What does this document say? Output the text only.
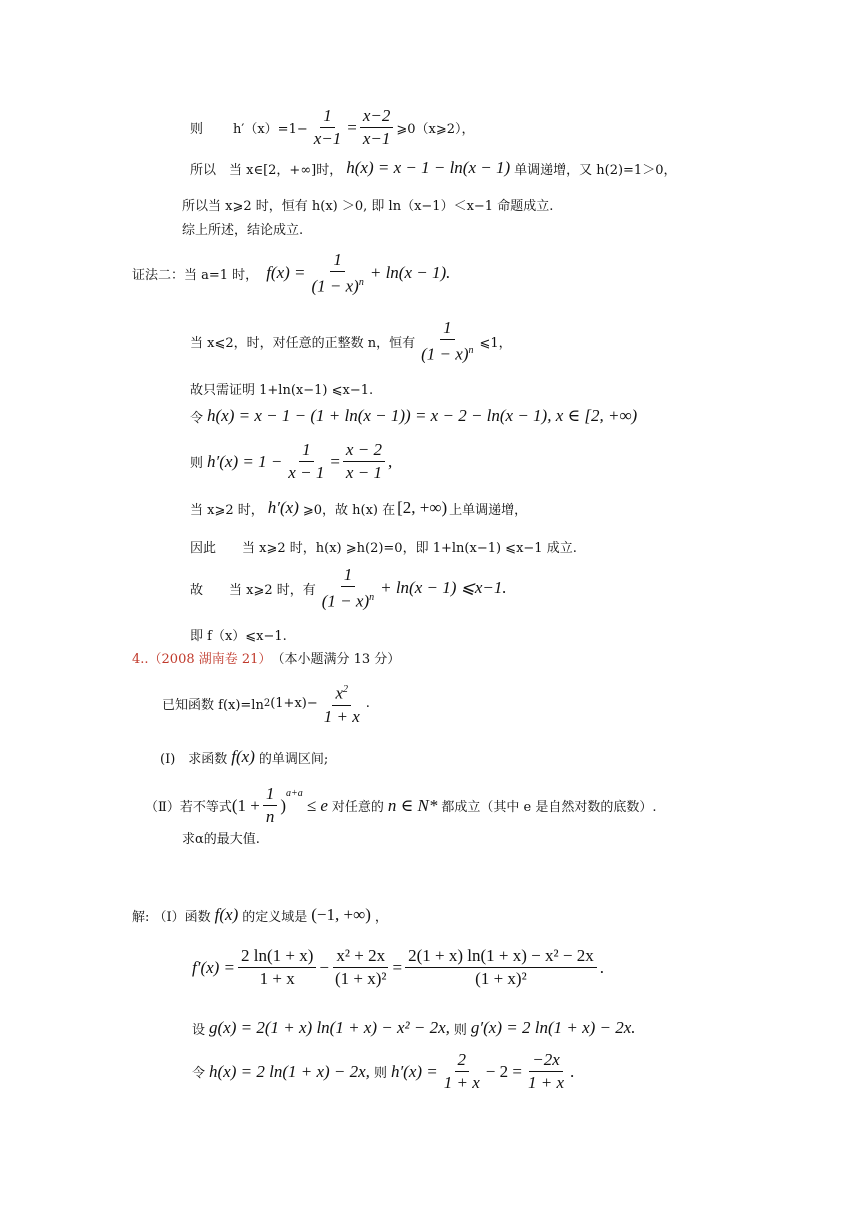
则 $h'(x)=1- \frac{1}{x-1} = \frac{x-2}{x-1}$ ⩾0（x⩾2），
所以　当 x∈[2，+∞]时， h(x) = x − 1 − ln(x − 1) 单调递增，又 h(2)=1＞0，
所以当 x⩾2 时，恒有 h(x) ＞0, 即 ln（x−1）＜x−1 命题成立.
综上所述，结论成立.
证法二：当 a=1 时， $f(x) = \frac{1}{(1 - x)^n} + \ln(x - 1)$.
当 x⩽2，时，对任意的正整数 n，恒有 $\frac{1}{(1 - x)^n}$ ⩽1，
故只需证明 1+ln(x−1) ⩽x−1.
令 h(x) = x − 1 − (1 + ln(x − 1)) = x − 2 − ln(x − 1), x ∈ [2, +∞)
则 $h'(x) = 1 - \frac{1}{x - 1} = \frac{x - 2}{x - 1}$ ,
当 x⩾2 时， h′(x) ⩾0，故 h(x) 在 [2, +∞) 上单调递增，
因此　　当 x⩾2 时，h(x) ⩾h(2)=0，即 1+ln(x−1) ⩽x−1 成立.
故　　当 x⩾2 时，有 $\frac{1}{(1 - x)^n} + \ln(x - 1)$ ⩽x−1.
即 f（x）⩽x−1.
4..（2008 湖南卷 21） （本小题满分 13 分）
已知函数 f(x)=ln 2 $(1+x)- \frac{x^2}{1 + x}$ .
(I)　求函数 f(x) 的单调区间;
（Ⅱ）若不等式 ($1 + \frac{1}{n}$ )
$^{a+a}$
≤ e 对任意的 n ∈ N* 都成立（其中 e 是自然对数的底数）.
求α的最大值.
解: （Ⅰ）函数 f(x) 的定义域是 (−1, +∞) ，
$f'(x) = \frac{2 \ln(1 + x)}{1 + x} - \frac{\text{x² + 2x}}{\text{(1 + x)²}} = \frac{\text{2(1 + x) ln(1 + x) − x² − 2x}}{\text{(1 + x)²}}$ .
设 g(x) = 2(1 + x) ln(1 + x) − x² − 2x, 则 g′(x) = 2 ln(1 + x) − 2x.
令 h(x) = 2 ln(1 + x) − 2x, 则 $h'(x) = \frac{2}{1 + x} - 2 = \frac{-2x}{1 + x}$ .
